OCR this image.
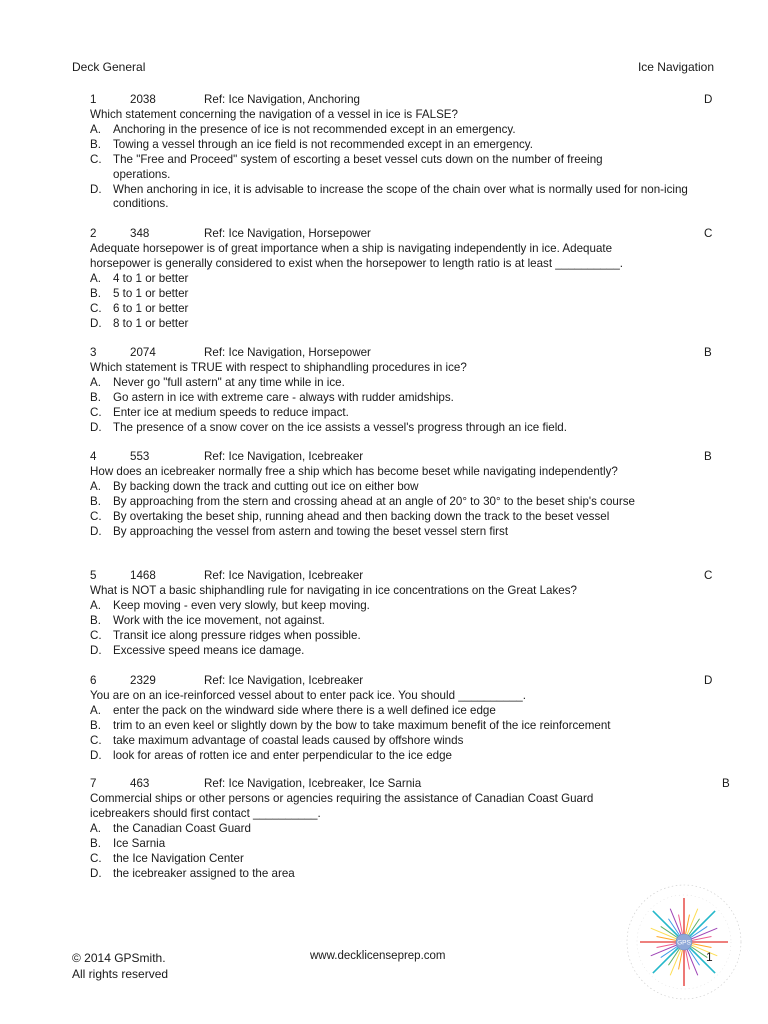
Deck General	Ice Navigation
1	2038	Ref: Ice Navigation, Anchoring	D
Which statement concerning the navigation of a vessel in ice is FALSE?
A. Anchoring in the presence of ice is not recommended except in an emergency.
B. Towing a vessel through an ice field is not recommended except in an emergency.
C. The "Free and Proceed" system of escorting a beset vessel cuts down on the number of freeing operations.
D. When anchoring in ice, it is advisable to increase the scope of the chain over what is normally used for non-icing conditions.
2	348	Ref: Ice Navigation, Horsepower	C
Adequate horsepower is of great importance when a ship is navigating independently in ice. Adequate horsepower is generally considered to exist when the horsepower to length ratio is at least __________.
A. 4 to 1 or better
B. 5 to 1 or better
C. 6 to 1 or better
D. 8 to 1 or better
3	2074	Ref: Ice Navigation, Horsepower	B
Which statement is TRUE with respect to shiphandling procedures in ice?
A. Never go "full astern" at any time while in ice.
B. Go astern in ice with extreme care - always with rudder amidships.
C. Enter ice at medium speeds to reduce impact.
D. The presence of a snow cover on the ice assists a vessel's progress through an ice field.
4	553	Ref: Ice Navigation, Icebreaker	B
How does an icebreaker normally free a ship which has become beset while navigating independently?
A. By backing down the track and cutting out ice on either bow
B. By approaching from the stern and crossing ahead at an angle of 20° to 30° to the beset ship's course
C. By overtaking the beset ship, running ahead and then backing down the track to the beset vessel
D. By approaching the vessel from astern and towing the beset vessel stern first
5	1468	Ref: Ice Navigation, Icebreaker	C
What is NOT a basic shiphandling rule for navigating in ice concentrations on the Great Lakes?
A. Keep moving - even very slowly, but keep moving.
B. Work with the ice movement, not against.
C. Transit ice along pressure ridges when possible.
D. Excessive speed means ice damage.
6	2329	Ref: Ice Navigation, Icebreaker	D
You are on an ice-reinforced vessel about to enter pack ice. You should __________.
A. enter the pack on the windward side where there is a well defined ice edge
B. trim to an even keel or slightly down by the bow to take maximum benefit of the ice reinforcement
C. take maximum advantage of coastal leads caused by offshore winds
D. look for areas of rotten ice and enter perpendicular to the ice edge
7	463	Ref: Ice Navigation, Icebreaker, Ice Sarnia	B
Commercial ships or other persons or agencies requiring the assistance of Canadian Coast Guard icebreakers should first contact __________.
A. the Canadian Coast Guard
B. Ice Sarnia
C. the Ice Navigation Center
D. the icebreaker assigned to the area
GPS
© 2014 GPSmith.
All rights reserved
www.decklicenseprep.com	1
